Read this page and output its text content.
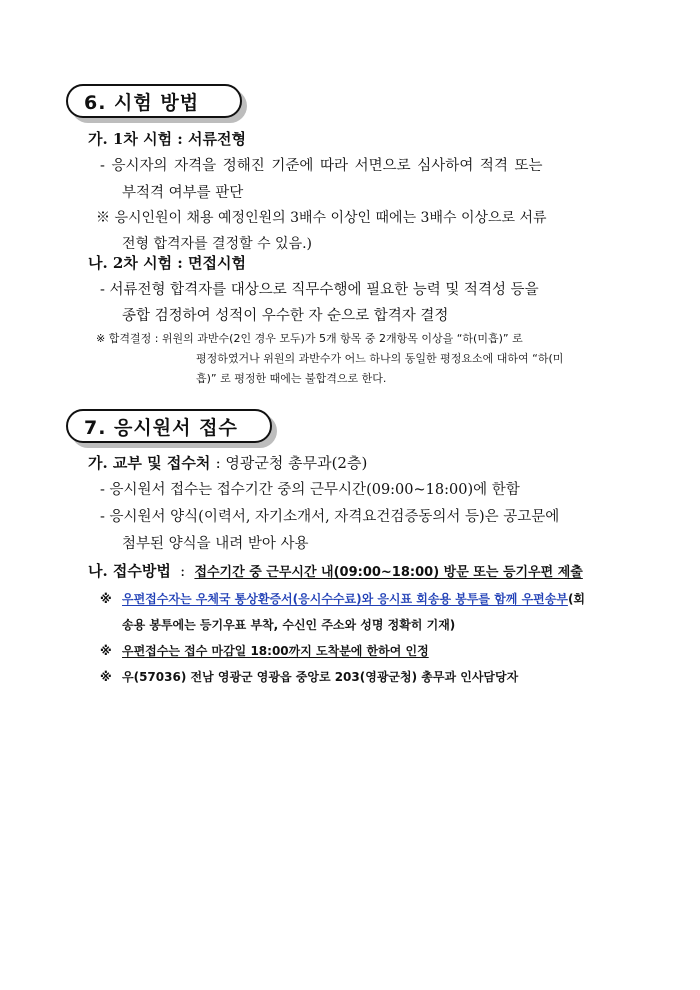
6. 시험 방법
가. 1차 시험 : 서류전형
- 응시자의 자격을 정해진 기준에 따라 서면으로 심사하여 적격 또는
부적격 여부를 판단
※ 응시인원이 채용 예정인원의 3배수 이상인 때에는 3배수 이상으로 서류
전형 합격자를 결정할 수 있음.)
나. 2차 시험 : 면접시험
- 서류전형 합격자를 대상으로 직무수행에 필요한 능력 및 적격성 등을
종합 검정하여 성적이 우수한 자 순으로 합격자 결정
※ 합격결정 : 위원의 과반수(2인 경우 모두)가 5개 항목 중 2개항목 이상을 “하(미흡)” 로
평정하였거나 위원의 과반수가 어느 하나의 동일한 평정요소에 대하여 “하(미
흡)” 로 평정한 때에는 불합격으로 한다.
7. 응시원서 접수
가. 교부 및 접수처 : 영광군청 총무과(2층)
- 응시원서 접수는 접수기간 중의 근무시간(09:00~18:00)에 한함
- 응시원서 양식(이력서, 자기소개서, 자격요건검증동의서 등)은 공고문에
첨부된 양식을 내려 받아 사용
나. 접수방법 : 접수기간 중 근무시간 내(09:00~18:00) 방문 또는 등기우편 제출
※ 우편접수자는 우체국 통상환증서(응시수수료)와 응시표 회송용 봉투를 함께 우편송부(회
송용 봉투에는 등기우표 부착, 수신인 주소와 성명 정확히 기재)
※ 우편접수는 접수 마감일 18:00까지 도착분에 한하여 인정
※ 우(57036) 전남 영광군 영광읍 중앙로 203(영광군청) 총무과 인사담당자
